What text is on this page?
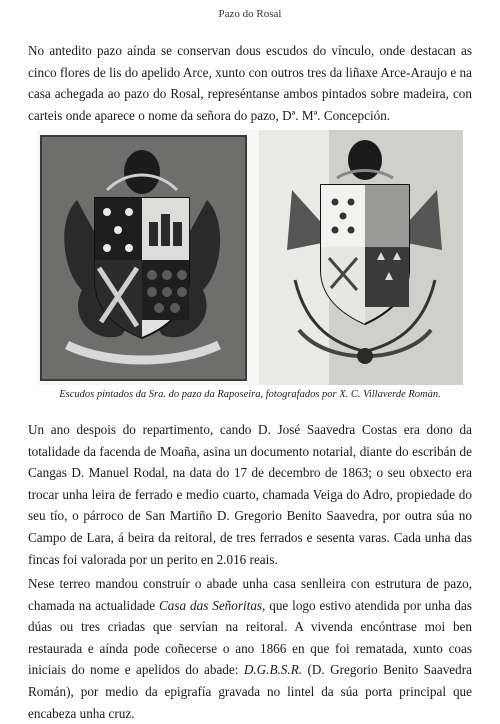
Pazo do Rosal

No antedito pazo aínda se conservan dous escudos do vínculo, onde destacan as cinco flores de lis do apelido Arce, xunto con outros tres da liñaxe Arce-Araujo e na casa achegada ao pazo do Rosal, represéntanse ambos pintados sobre madeira, con carteis onde aparece o nome da señora do pazo, Dª. Mª. Concepción.

Escudos pintados da Sra. do pazo da Raposeira, fotografados por X. C. Villaverde Román.

Un ano despois do repartimento, cando D. José Saavedra Costas era dono da totalidade da facenda de Moaña, asina un documento notarial, diante do escribán de Cangas D. Manuel Rodal, na data do 17 de decembro de 1863; o seu obxecto era trocar unha leira de ferrado e medio cuarto, chamada Veiga do Adro, propiedade do seu tío, o párroco de San Martiño D. Gregorio Benito Saavedra, por outra súa no Campo de Lara, á beira da reitoral, de tres ferrados e sesenta varas. Cada unha das fincas foi valorada por un perito en 2.016 reais.

Nese terreo mandou construír o abade unha casa senlleira con estrutura de pazo, chamada na actualidade Casa das Señoritas, que logo estivo atendida por unha das dúas ou tres criadas que servían na reitoral. A vivenda encóntrase moi ben restaurada e aínda pode coñecerse o ano 1866 en que foi rematada, xunto coas iniciais do nome e apelidos do abade: D.G.B.S.R. (D. Gregorio Benito Saavedra Román), por medio da epigrafía gravada no lintel da súa porta principal que encabeza unha cruz.
